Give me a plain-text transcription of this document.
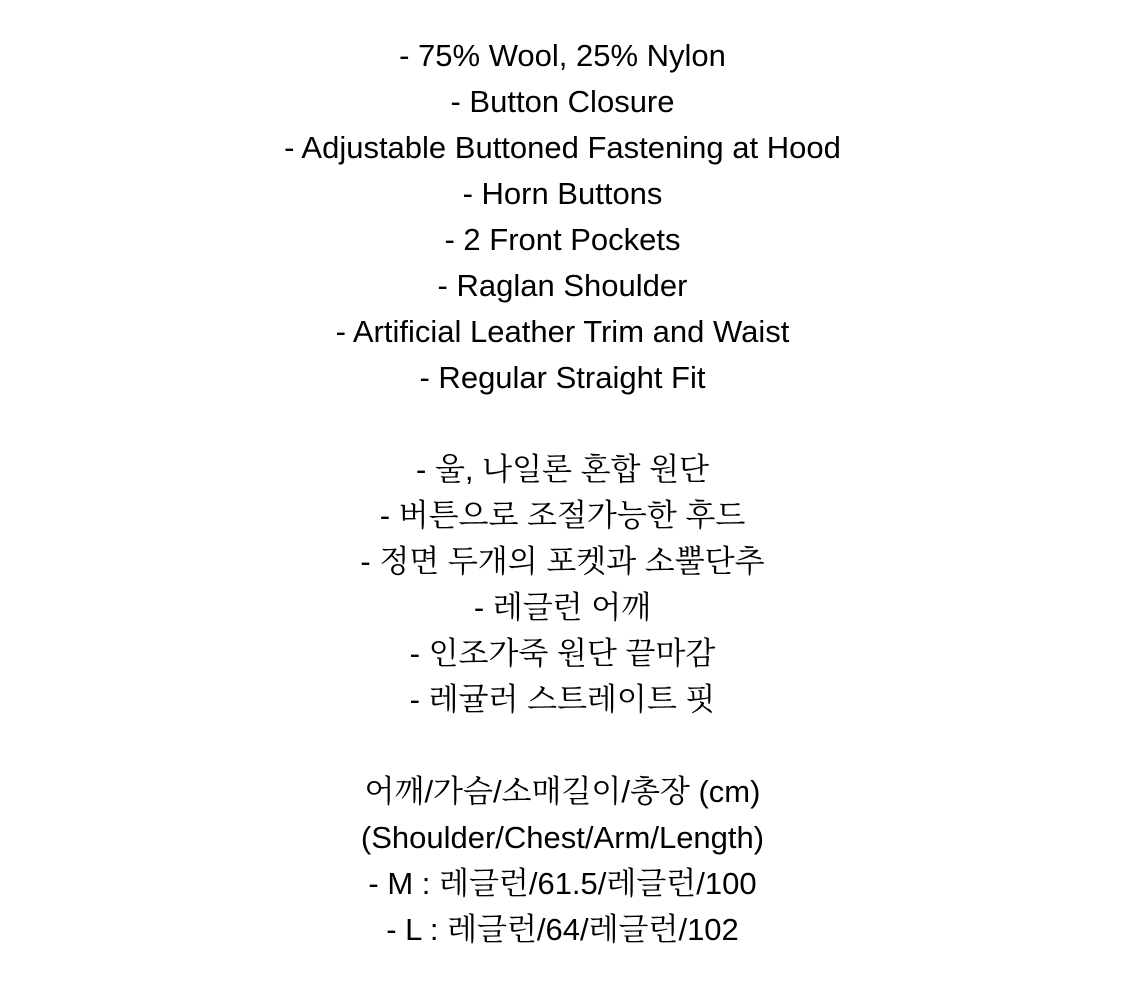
- 75% Wool, 25% Nylon
- Button Closure
- Adjustable Buttoned Fastening at Hood
- Horn Buttons
- 2 Front Pockets
- Raglan Shoulder
- Artificial Leather Trim and Waist
- Regular Straight Fit
- 울, 나일론 혼합 원단
- 버튼으로 조절가능한 후드
- 정면 두개의 포켓과 소뿔단추
- 레글런 어깨
- 인조가죽 원단 끝마감
- 레귤러 스트레이트 핏
어깨/가슴/소매길이/총장 (cm)
(Shoulder/Chest/Arm/Length)
- M : 레글런/61.5/레글런/100
- L : 레글런/64/레글런/102
